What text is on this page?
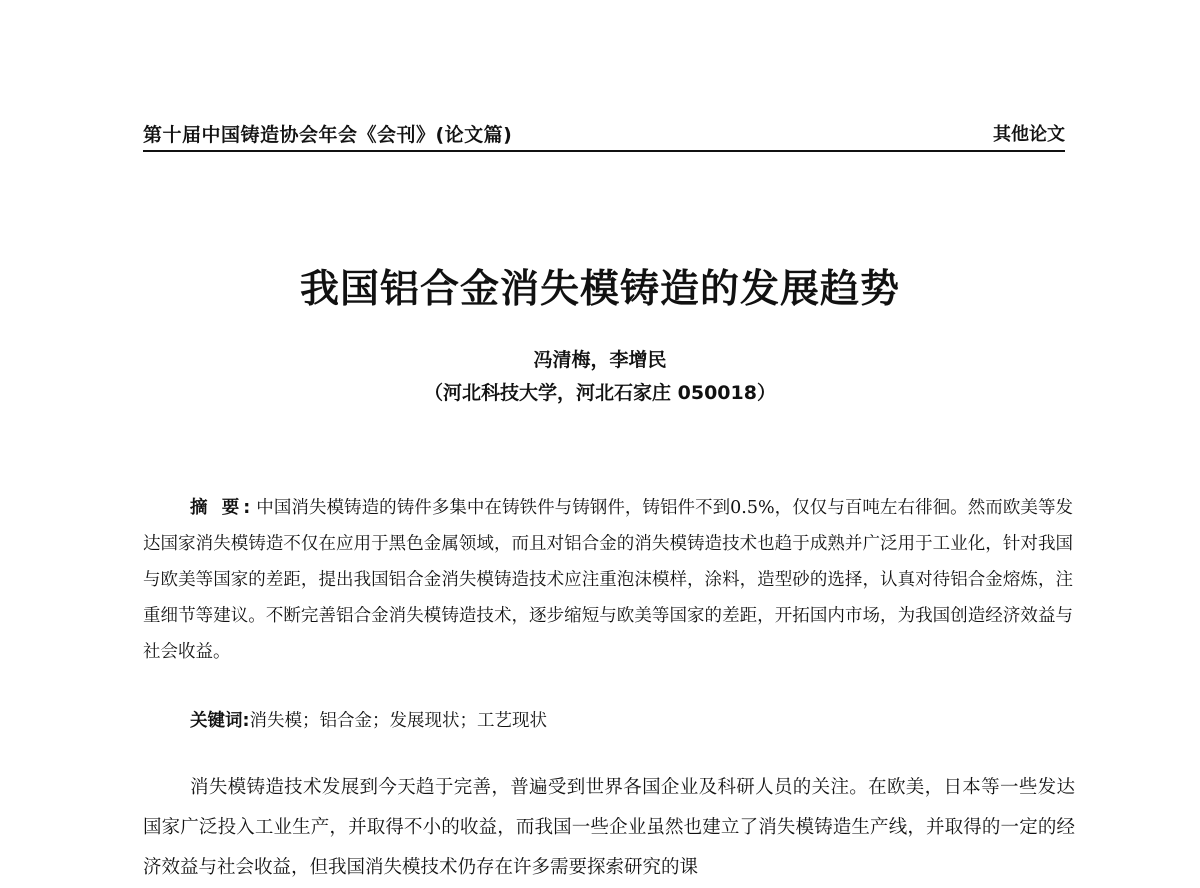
第十届中国铸造协会年会《会刊》(论文篇)	其他论文
我国铝合金消失模铸造的发展趋势
冯清梅，李增民
（河北科技大学，河北石家庄 050018）
摘 要: 中国消失模铸造的铸件多集中在铸铁件与铸钢件，铸铝件不到0.5%，仅仅与百吨左右徘徊。然而欧美等发达国家消失模铸造不仅在应用于黑色金属领域，而且对铝合金的消失模铸造技术也趋于成熟并广泛用于工业化，针对我国与欧美等国家的差距，提出我国铝合金消失模铸造技术应注重泡沫模样，涂料，造型砂的选择，认真对待铝合金熔炼，注重细节等建议。不断完善铝合金消失模铸造技术，逐步缩短与欧美等国家的差距，开拓国内市场，为我国创造经济效益与社会收益。
关键词:消失模；铝合金；发展现状；工艺现状
消失模铸造技术发展到今天趋于完善，普遍受到世界各国企业及科研人员的关注。在欧美，日本等一些发达国家广泛投入工业生产，并取得不小的收益，而我国一些企业虽然也建立了消失模铸造生产线，并取得的一定的经济效益与社会收益，但我国消失模技术仍存在许多需要探索研究的课
